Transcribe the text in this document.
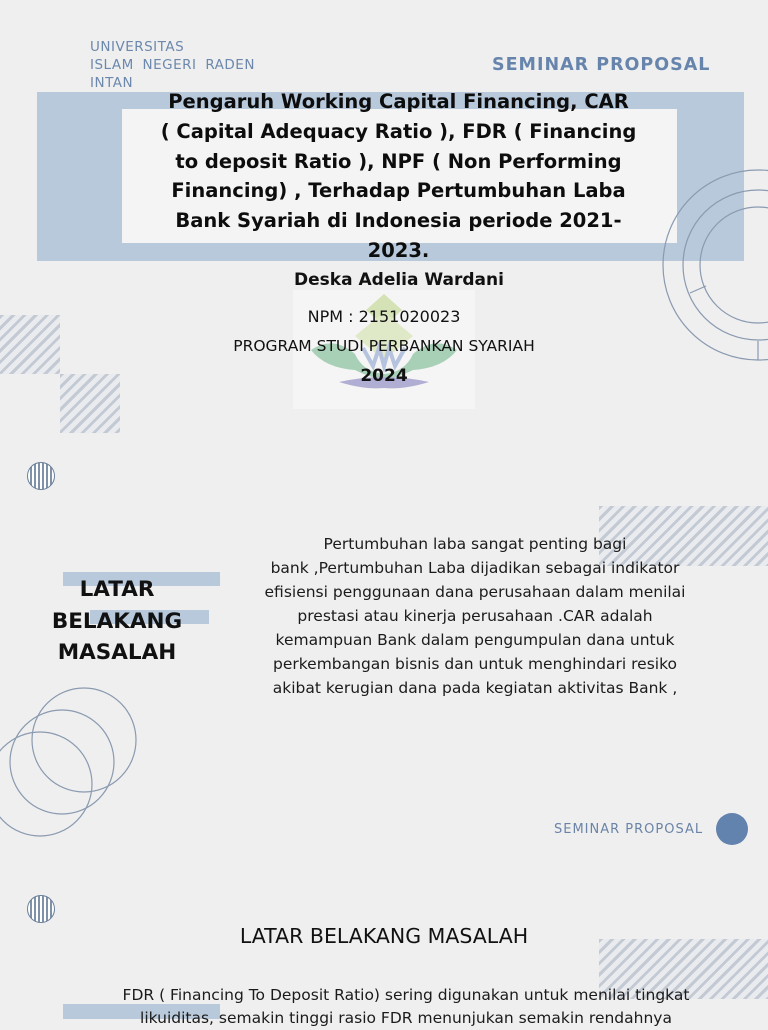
UNIVERSITAS
ISLAM NEGERI RADEN
INTAN
SEMINAR PROPOSAL
Pengaruh Working Capital Financing, CAR
( Capital Adequacy Ratio ), FDR ( Financing
to deposit Ratio ), NPF ( Non Performing
Financing) , Terhadap Pertumbuhan Laba
Bank Syariah di Indonesia periode 2021-
2023.
Deska Adelia Wardani
NPM : 2151020023
PROGRAM STUDI PERBANKAN SYARIAH
2024
LATAR
BELAKANG
MASALAH
Pertumbuhan laba sangat penting bagi
bank ,Pertumbuhan Laba dijadikan sebagai indikator
efisiensi penggunaan dana perusahaan dalam menilai
prestasi atau kinerja perusahaan .CAR adalah
kemampuan Bank dalam pengumpulan dana untuk
perkembangan bisnis dan untuk menghindari resiko
akibat kerugian dana pada kegiatan aktivitas Bank ,
SEMINAR PROPOSAL
LATAR BELAKANG MASALAH
FDR ( Financing To Deposit Ratio) sering digunakan untuk menilai tingkat
likuiditas, semakin tinggi rasio FDR menunjukan semakin rendahnya
